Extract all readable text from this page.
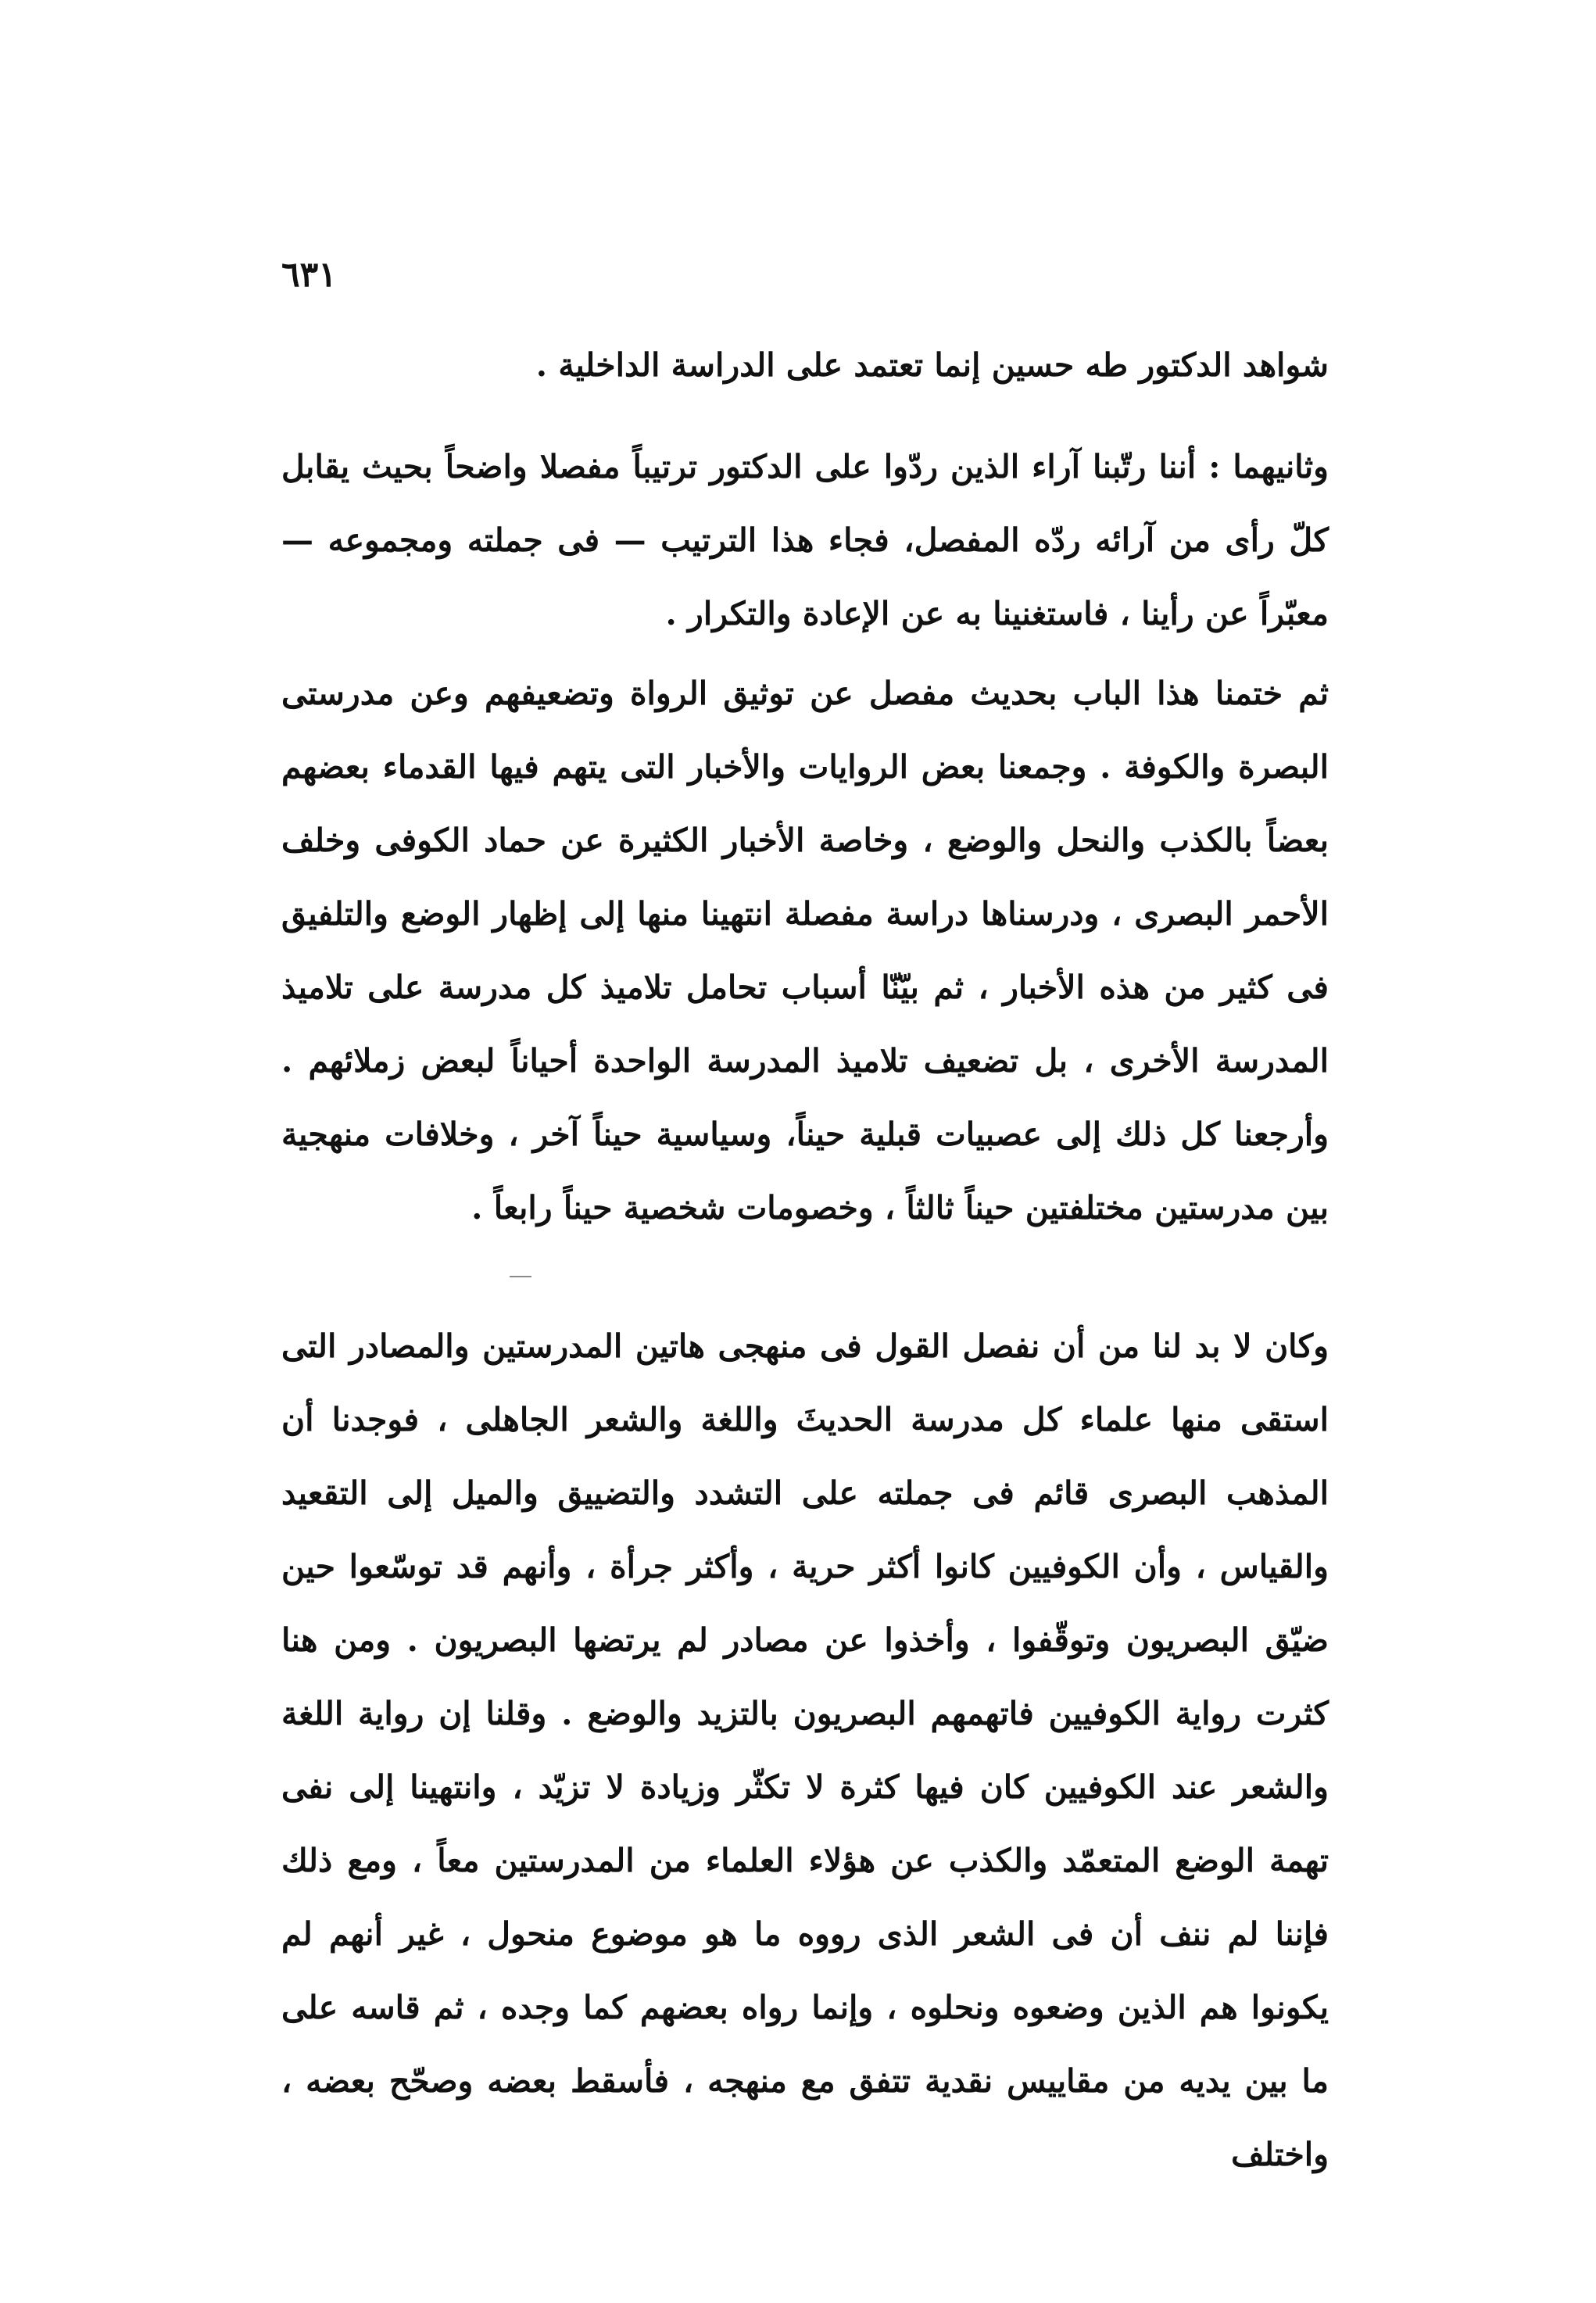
٦٣١
شواهد الدكتور طه حسين إنما تعتمد على الدراسة الداخلية .
وثانيهما : أننا رتّبنا آراء الذين ردّوا على الدكتور ترتيباً مفصلا واضحاً بحيث يقابل كلّ رأى من آرائه ردّه المفصل، فجاء هذا الترتيب — فى جملته ومجموعه — معبّراً عن رأينا ، فاستغنينا به عن الإعادة والتكرار .
ثم ختمنا هذا الباب بحديث مفصل عن توثيق الرواة وتضعيفهم وعن مدرستى البصرة والكوفة . وجمعنا بعض الروايات والأخبار التى يتهم فيها القدماء بعضهم بعضاً بالكذب والنحل والوضع ، وخاصة الأخبار الكثيرة عن حماد الكوفى وخلف الأحمر البصرى ، ودرسناها دراسة مفصلة انتهينا منها إلى إظهار الوضع والتلفيق فى كثير من هذه الأخبار ، ثم بيّنّا أسباب تحامل تلاميذ كل مدرسة على تلاميذ المدرسة الأخرى ، بل تضعيف تلاميذ المدرسة الواحدة أحياناً لبعض زملائهم . وأرجعنا كل ذلك إلى عصبيات قبلية حيناً، وسياسية حيناً آخر ، وخلافات منهجية بين مدرستين مختلفتين حيناً ثالثاً ، وخصومات شخصية حيناً رابعاً .
وكان لا بد لنا من أن نفصل القول فى منهجى هاتين المدرستين والمصادر التى استقى منها علماء كل مدرسة الحديثَ واللغة والشعر الجاهلى ، فوجدنا أن المذهب البصرى قائم فى جملته على التشدد والتضييق والميل إلى التقعيد والقياس ، وأن الكوفيين كانوا أكثر حرية ، وأكثر جرأة ، وأنهم قد توسّعوا حين ضيّق البصريون وتوقّفوا ، وأخذوا عن مصادر لم يرتضها البصريون . ومن هنا كثرت رواية الكوفيين فاتهمهم البصريون بالتزيد والوضع . وقلنا إن رواية اللغة والشعر عند الكوفيين كان فيها كثرة لا تكثّر وزيادة لا تزيّد ، وانتهينا إلى نفى تهمة الوضع المتعمّد والكذب عن هؤلاء العلماء من المدرستين معاً ، ومع ذلك فإننا لم ننف أن فى الشعر الذى رووه ما هو موضوع منحول ، غير أنهم لم يكونوا هم الذين وضعوه ونحلوه ، وإنما رواه بعضهم كما وجده ، ثم قاسه على ما بين يديه من مقاييس نقدية تتفق مع منهجه ، فأسقط بعضه وصحّح بعضه ، واختلف
